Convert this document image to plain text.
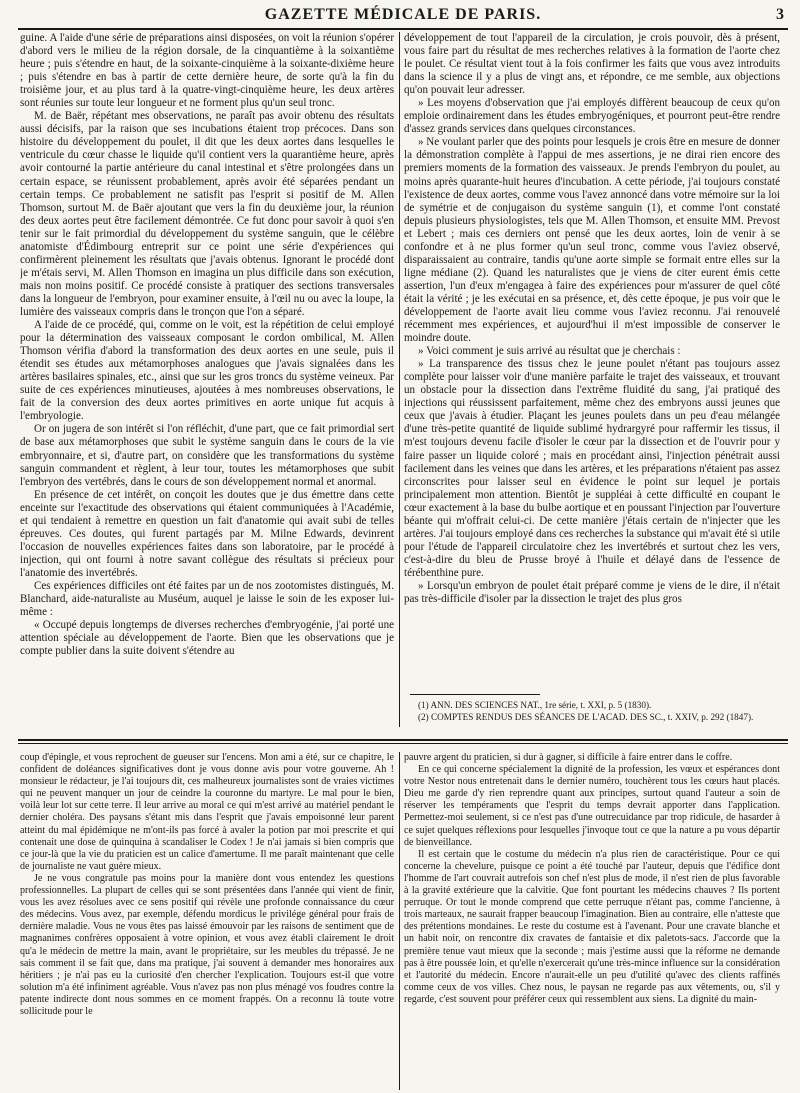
GAZETTE MÉDICALE DE PARIS.	3

guine. A l'aide d'une série de préparations ainsi disposées, on voit la réunion s'opérer d'abord vers le milieu de la région dorsale, de la cinquantième à la soixantième heure ; puis s'étendre en haut, de la soixante-cinquième à la soixante-dixième heure ; puis s'étendre en bas à partir de cette dernière heure, de sorte qu'à la fin du troisième jour, et au plus tard à la quatre-vingt-cinquième heure, les deux artères sont réunies sur toute leur longueur et ne forment plus qu'un seul tronc.

M. de Baër, répétant mes observations, ne paraît pas avoir obtenu des résultats aussi décisifs, par la raison que ses incubations étaient trop précoces. Dans son histoire du développement du poulet, il dit que les deux aortes dans lesquelles le ventricule du cœur chasse le liquide qu'il contient vers la quarantième heure, après avoir contourné la partie antérieure du canal intestinal et s'être prolongées dans un certain espace, se réunissent probablement, après avoir été séparées pendant un certain temps. Ce probablement ne satisfit pas l'esprit si positif de M. Allen Thomson, surtout M. de Baër ajoutant que vers la fin du deuxième jour, la réunion des deux aortes peut être facilement démontrée. Ce fut donc pour savoir à quoi s'en tenir sur le fait primordial du développement du système sanguin, que le célèbre anatomiste d'Édimbourg entreprit sur ce point une série d'expériences qui confirmèrent pleinement les résultats que j'avais obtenus. Ignorant le procédé dont je m'étais servi, M. Allen Thomson en imagina un plus difficile dans son exécution, mais non moins positif. Ce procédé consiste à pratiquer des sections transversales dans la longueur de l'embryon, pour examiner ensuite, à l'œil nu ou avec la loupe, la lumière des vaisseaux compris dans le tronçon que l'on a séparé.

A l'aide de ce procédé, qui, comme on le voit, est la répétition de celui employé pour la détermination des vaisseaux composant le cordon ombilical, M. Allen Thomson vérifia d'abord la transformation des deux aortes en une seule, puis il étendit ses études aux métamorphoses analogues que j'avais signalées dans les artères basilaires spinales, etc., ainsi que sur les gros troncs du système veineux. Par suite de ces expériences minutieuses, ajoutées à mes nombreuses observations, le fait de la conversion des deux aortes primitives en aorte unique fut acquis à l'embryologie.

Or on jugera de son intérêt si l'on réfléchit, d'une part, que ce fait primordial sert de base aux métamorphoses que subit le système sanguin dans le cours de la vie embryonnaire, et si, d'autre part, on considère que les transformations du système sanguin commandent et règlent, à leur tour, toutes les métamorphoses que subit l'embryon des vertébrés, dans le cours de son développement normal et anormal.

En présence de cet intérêt, on conçoit les doutes que je dus émettre dans cette enceinte sur l'exactitude des observations qui étaient communiquées à l'Académie, et qui tendaient à remettre en question un fait d'anatomie qui avait subi de telles épreuves. Ces doutes, qui furent partagés par M. Milne Edwards, devinrent l'occasion de nouvelles expériences faites dans son laboratoire, par le procédé à injection, qui ont fourni à notre savant collègue des résultats si précieux pour l'anatomie des invertébrés.

Ces expériences difficiles ont été faites par un de nos zootomistes distingués, M. Blanchard, aide-naturaliste au Muséum, auquel je laisse le soin de les exposer lui-même :

« Occupé depuis longtemps de diverses recherches d'embryogénie, j'ai porté une attention spéciale au développement de l'aorte. Bien que les observations que je compte publier dans la suite doivent s'étendre au

développement de tout l'appareil de la circulation, je crois pouvoir, dès à présent, vous faire part du résultat de mes recherches relatives à la formation de l'aorte chez le poulet. Ce résultat vient tout à la fois confirmer les faits que vous avez introduits dans la science il y a plus de vingt ans, et répondre, ce me semble, aux objections qu'on pouvait leur adresser.

» Les moyens d'observation que j'ai employés diffèrent beaucoup de ceux qu'on emploie ordinairement dans les études embryogéniques, et pourront peut-être rendre d'assez grands services dans quelques circonstances.

» Ne voulant parler que des points pour lesquels je crois être en mesure de donner la démonstration complète à l'appui de mes assertions, je ne dirai rien encore des premiers moments de la formation des vaisseaux. Je prends l'embryon du poulet, au moins après quarante-huit heures d'incubation. A cette période, j'ai toujours constaté l'existence de deux aortes, comme vous l'avez annoncé dans votre mémoire sur la loi de symétrie et de conjugaison du système sanguin (1), et comme l'ont constaté depuis plusieurs physiologistes, tels que M. Allen Thomson, et ensuite MM. Prevost et Lebert ; mais ces derniers ont pensé que les deux aortes, loin de venir à se confondre et à ne plus former qu'un seul tronc, comme vous l'aviez observé, disparaissaient au contraire, tandis qu'une aorte simple se formait entre elles sur la ligne médiane (2). Quand les naturalistes que je viens de citer eurent émis cette assertion, l'un d'eux m'engagea à faire des expériences pour m'assurer de quel côté était la vérité ; je les exécutai en sa présence, et, dès cette époque, je pus voir que le développement de l'aorte avait lieu comme vous l'aviez reconnu. J'ai renouvelé récemment mes expériences, et aujourd'hui il m'est impossible de conserver le moindre doute.

» Voici comment je suis arrivé au résultat que je cherchais :

» La transparence des tissus chez le jeune poulet n'étant pas toujours assez complète pour laisser voir d'une manière parfaite le trajet des vaisseaux, et trouvant un obstacle pour la dissection dans l'extrême fluidité du sang, j'ai pratiqué des injections qui réussissent parfaitement, même chez des embryons aussi jeunes que ceux que j'avais à étudier. Plaçant les jeunes poulets dans un peu d'eau mélangée d'une très-petite quantité de liquide sublimé hydrargyré pour raffermir les tissus, il m'est toujours devenu facile d'isoler le cœur par la dissection et de l'ouvrir pour y faire passer un liquide coloré ; mais en procédant ainsi, l'injection pénétrait aussi facilement dans les veines que dans les artères, et les préparations n'étaient pas assez circonscrites pour laisser seul en évidence le point sur lequel je portais principalement mon attention. Bientôt je suppléai à cette difficulté en coupant le cœur exactement à la base du bulbe aortique et en poussant l'injection par l'ouverture béante qui m'offrait celui-ci. De cette manière j'étais certain de n'injecter que les artères. J'ai toujours employé dans ces recherches la substance qui m'avait été si utile pour l'étude de l'appareil circulatoire chez les invertébrés et surtout chez les vers, c'est-à-dire du bleu de Prusse broyé à l'huile et délayé dans de l'essence de térébenthine pure.

» Lorsqu'un embryon de poulet était préparé comme je viens de le dire, il n'était pas très-difficile d'isoler par la dissection le trajet des plus gros

(1) ANN. DES SCIENCES NAT., 1re série, t. XXI, p. 5 (1830).
(2) COMPTES RENDUS DES SÉANCES DE L'ACAD. DES SC., t. XXIV, p. 292 (1847).

coup d'épingle, et vous reprochent de gueuser sur l'encens. Mon ami a été, sur ce chapitre, le confident de doléances significatives dont je vous donne avis pour votre gouverne. Ah ! monsieur le rédacteur, je l'ai toujours dit, ces malheureux journalistes sont de vraies victimes qui ne peuvent manquer un jour de ceindre la couronne du martyre. Le mal pour le bien, voilà leur lot sur cette terre. Il leur arrive au moral ce qui m'est arrivé au matériel pendant le dernier choléra. Des paysans s'étant mis dans l'esprit que j'avais empoisonné leur parent atteint du mal épidémique ne m'ont-ils pas forcé à avaler la potion par moi prescrite et qui contenait une dose de quinquina à scandaliser le Codex ! Je n'ai jamais si bien compris que ce jour-là que la vie du praticien est un calice d'amertume. Il me paraît maintenant que celle de journaliste ne vaut guère mieux.

Je ne vous congratule pas moins pour la manière dont vous entendez les questions professionnelles. La plupart de celles qui se sont présentées dans l'année qui vient de finir, vous les avez résolues avec ce sens positif qui révèle une profonde connaissance du cœur des médecins. Vous avez, par exemple, défendu mordicus le privilége général pour frais de dernière maladie. Vous ne vous êtes pas laissé émouvoir par les raisons de sentiment que de magnanimes confrères opposaient à votre opinion, et vous avez établi clairement le droit qu'a le médecin de mettre la main, avant le propriétaire, sur les meubles du trépassé. Je ne sais comment il se fait que, dans ma pratique, j'ai souvent à demander mes honoraires aux héritiers ; je n'ai pas eu la curiosité d'en chercher l'explication. Toujours est-il que votre solution m'a été infiniment agréable. Vous n'avez pas non plus ménagé vos foudres contre la patente indirecte dont nous sommes en ce moment frappés. On a reconnu là toute votre sollicitude pour le

pauvre argent du praticien, si dur à gagner, si difficile à faire entrer dans le coffre.

En ce qui concerne spécialement la dignité de la profession, les vœux et espérances dont votre Nestor nous entretenait dans le dernier numéro, touchèrent tous les cœurs haut placés. Dieu me garde d'y rien reprendre quant aux principes, surtout quand l'auteur a soin de réserver les tempéraments que l'esprit du temps devrait apporter dans l'application. Permettez-moi seulement, si ce n'est pas d'une outrecuidance par trop ridicule, de hasarder à ce sujet quelques réflexions pour lesquelles j'invoque tout ce que la nature a pu vous départir de bienveillance.

Il est certain que le costume du médecin n'a plus rien de caractéristique. Pour ce qui concerne la chevelure, puisque ce point a été touché par l'auteur, depuis que l'édifice dont l'homme de l'art couvrait autrefois son chef n'est plus de mode, il n'est rien de plus favorable à la gravité extérieure que la calvitie. Que font pourtant les médecins chauves ? Ils portent perruque. Or tout le monde comprend que cette perruque n'étant pas, comme l'ancienne, à trois marteaux, ne saurait frapper beaucoup l'imagination. Bien au contraire, elle n'atteste que des prétentions mondaines. Le reste du costume est à l'avenant. Pour une cravate blanche et un habit noir, on rencontre dix cravates de fantaisie et dix paletots-sacs. J'accorde que la première tenue vaut mieux que la seconde ; mais j'estime aussi que la réforme ne demande pas à être poussée loin, et qu'elle n'exercerait qu'une très-mince influence sur la considération et l'autorité du médecin. Encore n'aurait-elle un peu d'utilité qu'avec des clients raffinés comme ceux de vos villes. Chez nous, le paysan ne regarde pas aux vêtements, ou, s'il y regarde, c'est souvent pour préférer ceux qui ressemblent aux siens. La dignité du main-
